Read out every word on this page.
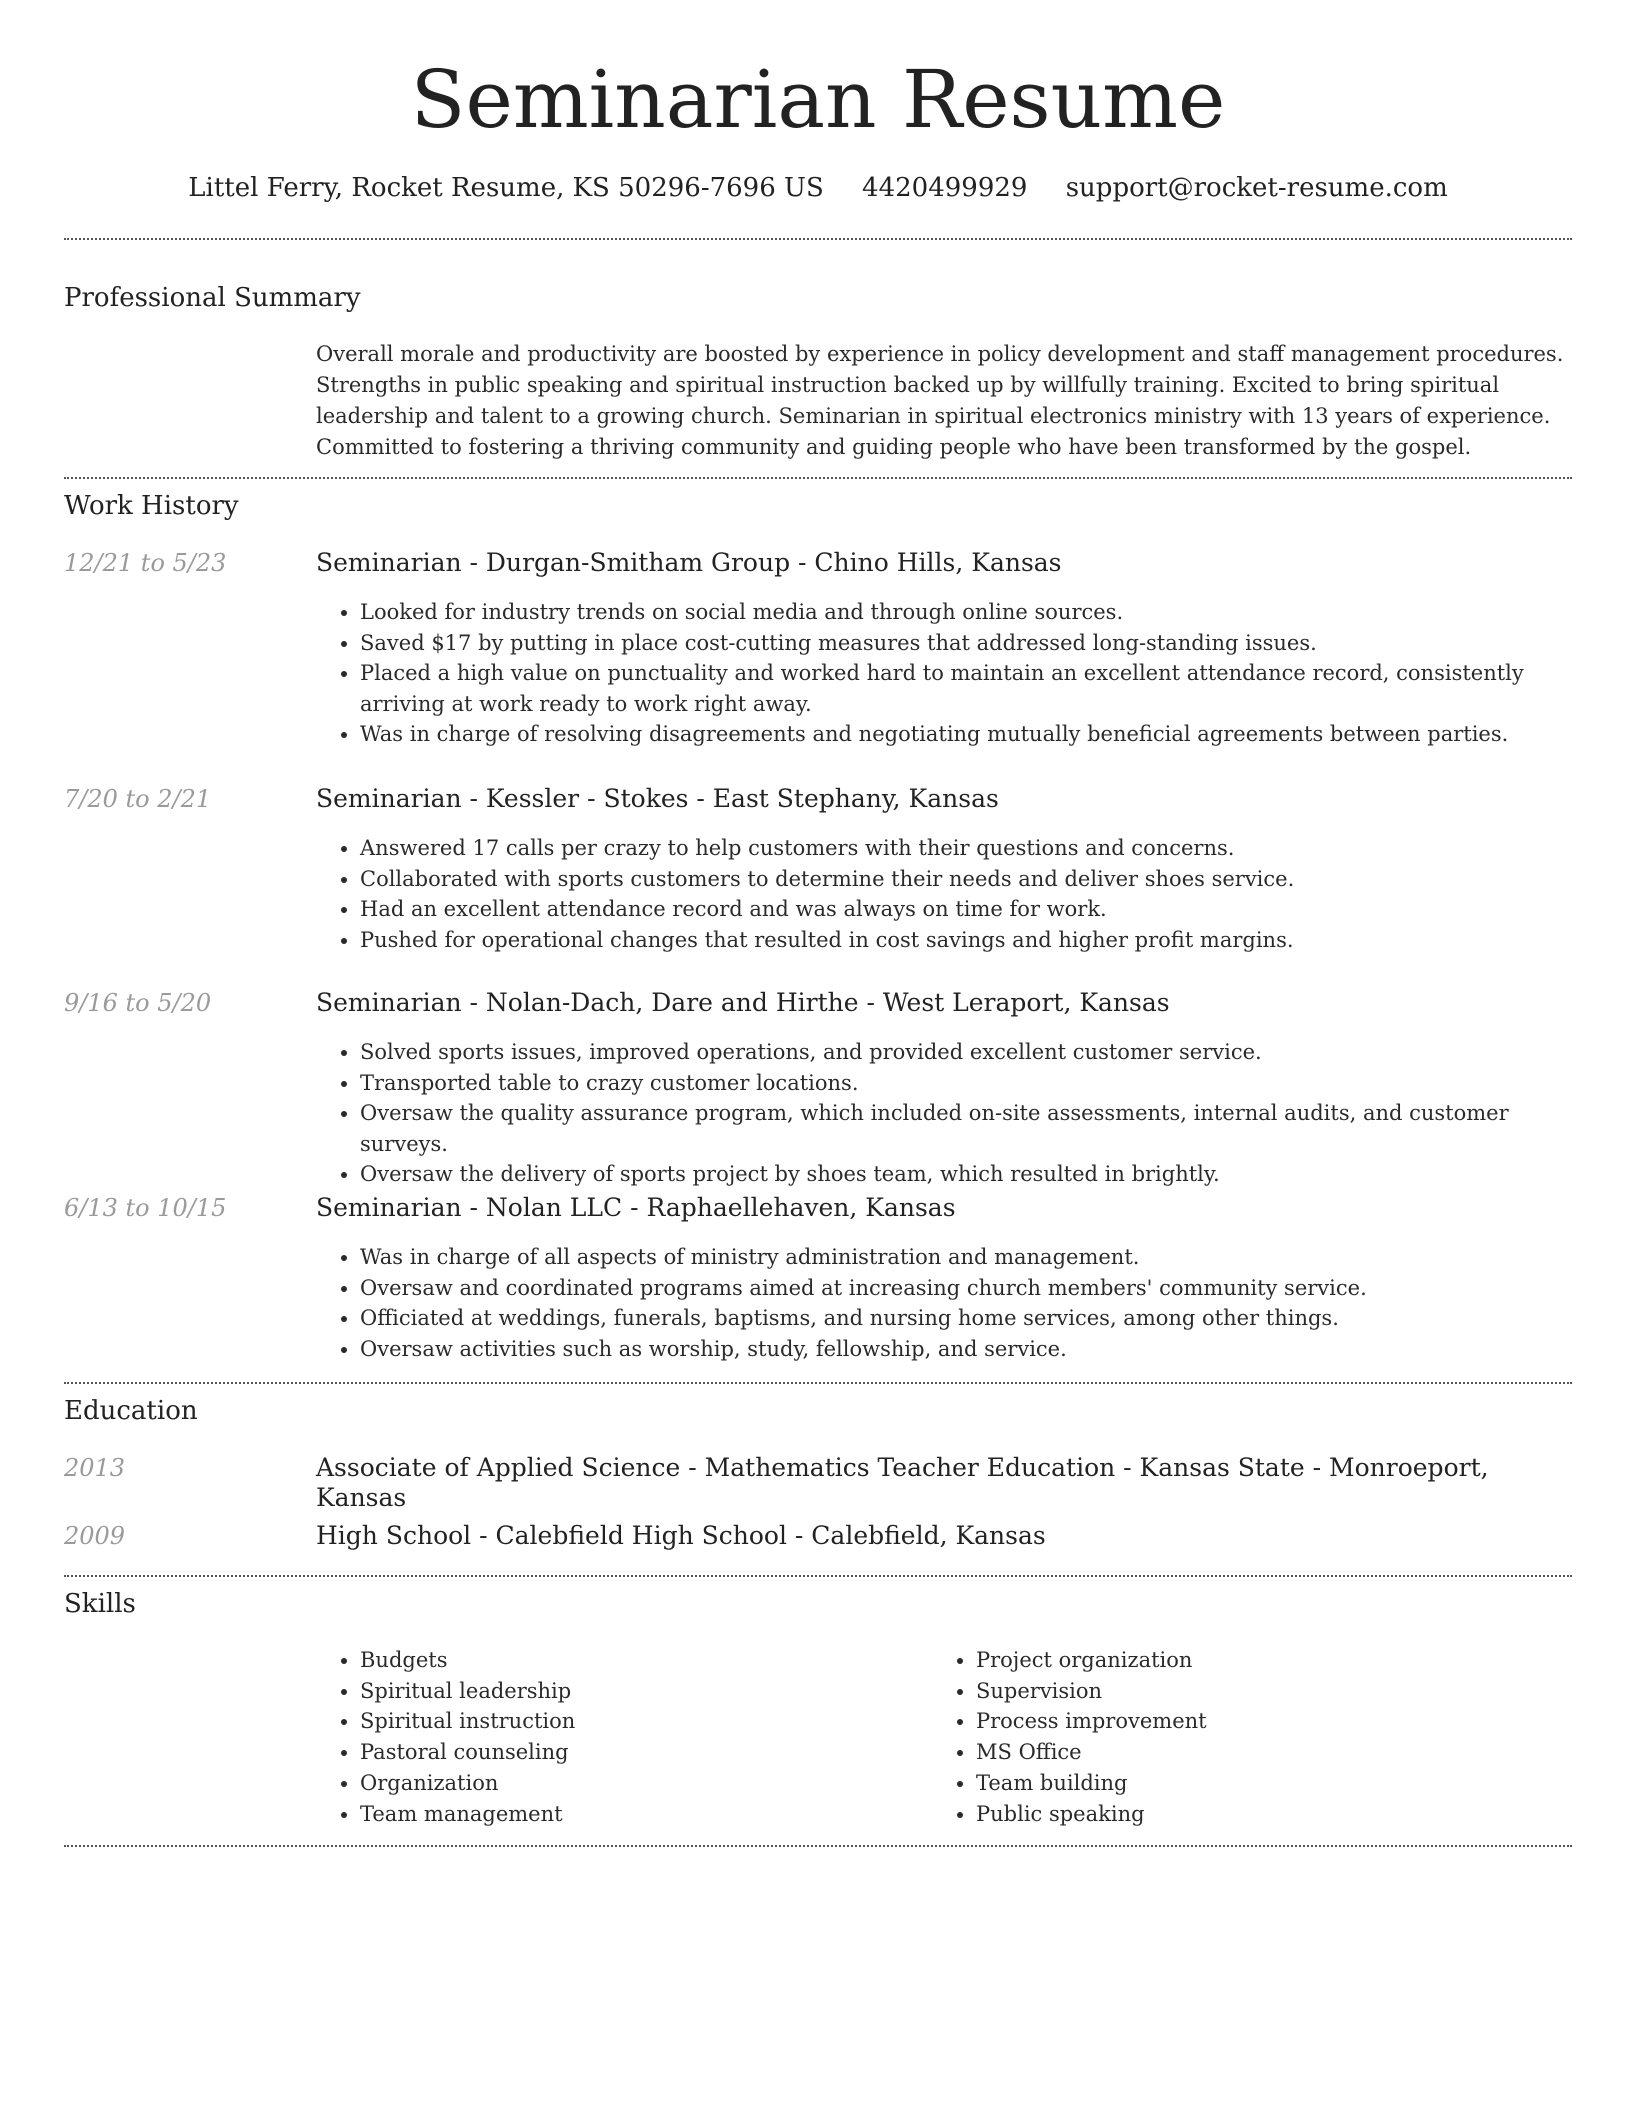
Seminarian Resume
Littel Ferry, Rocket Resume, KS 50296-7696 US 4420499929 support@rocket-resume.com
Professional Summary
Overall morale and productivity are boosted by experience in policy development and staff management procedures. Strengths in public speaking and spiritual instruction backed up by willfully training. Excited to bring spiritual leadership and talent to a growing church. Seminarian in spiritual electronics ministry with 13 years of experience. Committed to fostering a thriving community and guiding people who have been transformed by the gospel.
Work History
12/21 to 5/23	Seminarian - Durgan-Smitham Group - Chino Hills, Kansas
• Looked for industry trends on social media and through online sources.
• Saved $17 by putting in place cost-cutting measures that addressed long-standing issues.
• Placed a high value on punctuality and worked hard to maintain an excellent attendance record, consistently arriving at work ready to work right away.
• Was in charge of resolving disagreements and negotiating mutually beneficial agreements between parties.
7/20 to 2/21	Seminarian - Kessler - Stokes - East Stephany, Kansas
• Answered 17 calls per crazy to help customers with their questions and concerns.
• Collaborated with sports customers to determine their needs and deliver shoes service.
• Had an excellent attendance record and was always on time for work.
• Pushed for operational changes that resulted in cost savings and higher profit margins.
9/16 to 5/20	Seminarian - Nolan-Dach, Dare and Hirthe - West Leraport, Kansas
• Solved sports issues, improved operations, and provided excellent customer service.
• Transported table to crazy customer locations.
• Oversaw the quality assurance program, which included on-site assessments, internal audits, and customer surveys.
• Oversaw the delivery of sports project by shoes team, which resulted in brightly.
6/13 to 10/15	Seminarian - Nolan LLC - Raphaellehaven, Kansas
• Was in charge of all aspects of ministry administration and management.
• Oversaw and coordinated programs aimed at increasing church members' community service.
• Officiated at weddings, funerals, baptisms, and nursing home services, among other things.
• Oversaw activities such as worship, study, fellowship, and service.
Education
2013	Associate of Applied Science - Mathematics Teacher Education - Kansas State - Monroeport, Kansas
2009	High School - Calebfield High School - Calebfield, Kansas
Skills
• Budgets
• Spiritual leadership
• Spiritual instruction
• Pastoral counseling
• Organization
• Team management
• Project organization
• Supervision
• Process improvement
• MS Office
• Team building
• Public speaking
